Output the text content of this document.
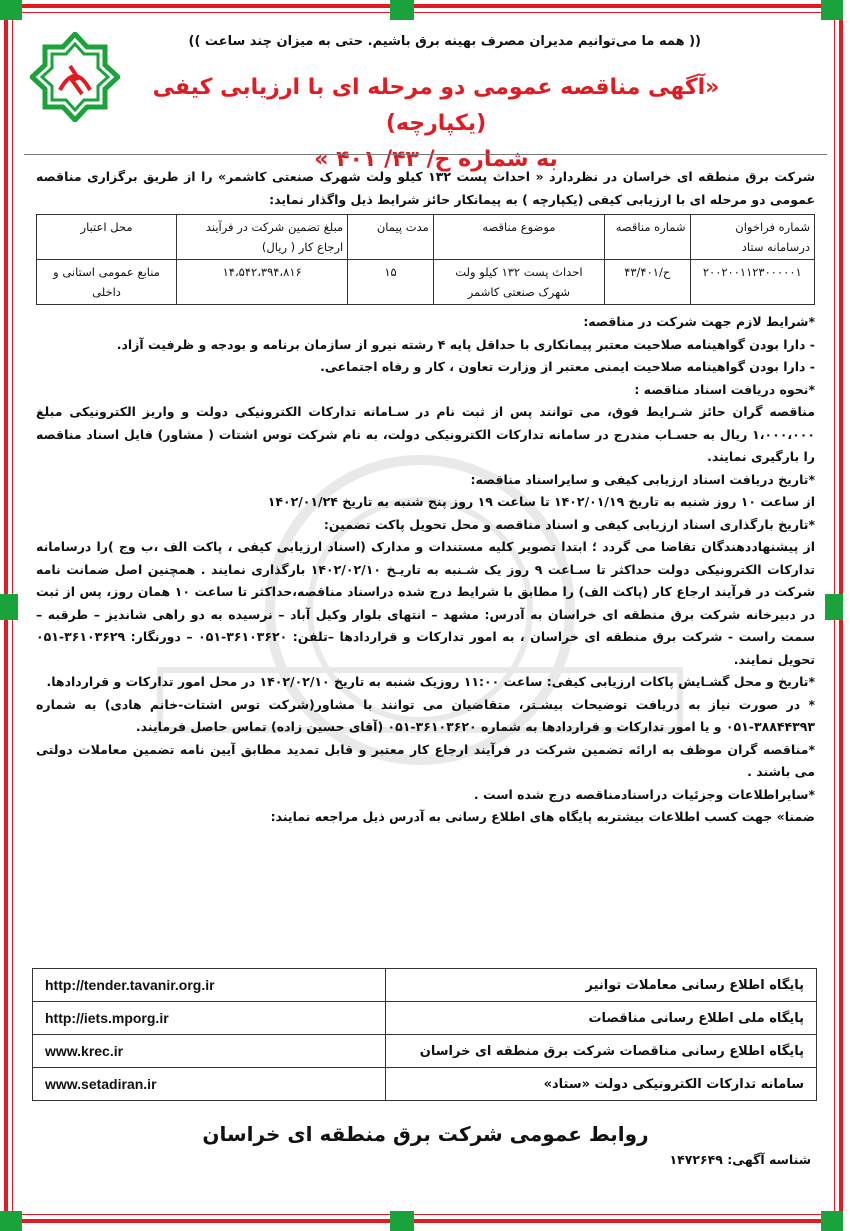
(( همه ما می‌توانیم مدیران مصرف بهینه برق باشیم. حتی به میزان چند ساعت ))
«آگهی مناقصه عمومی دو مرحله ای با ارزیابی کیفی (یکپارچه)
به شماره ح/ ۴۳/ ۴۰۱ »

شرکت برق منطقه ای خراسان در نظردارد « احداث پست ۱۳۲ کیلو ولت شهرک صنعتی کاشمر» را از طریق برگزاری مناقصه عمومی دو مرحله ای با ارزیابی کیفی (یکپارچه ) به پیمانکار حائز شرایط ذیل واگذار نماید:

شماره فراخوان درسامانه ستاد	شماره مناقصه	موضوع مناقصه	مدت پیمان	مبلغ تضمین شرکت در فرآیند ارجاع کار ( ریال)	محل اعتبار
۲۰۰۲۰۰۱۱۲۳۰۰۰۰۰۱	ح/۴۳/۴۰۱	احداث پست ۱۳۲ کیلو ولت شهرک صنعتی کاشمر	۱۵	۱۴،۵۴۲،۳۹۴،۸۱۶	منابع عمومی استانی و داخلی

*شرایط لازم جهت شرکت در مناقصه:

- دارا بودن گواهینامه صلاحیت معتبر پیمانکاری با حداقل پایه ۴ رشته نیرو از سازمان برنامه و بودجه و ظرفیت آزاد.

- دارا بودن گواهینامه صلاحیت ایمنی معتبر از وزارت تعاون ، کار و رفاه اجتماعی.

*نحوه دریافت اسناد مناقصه :

مناقصه گران حائز شـرایط فوق، می توانند پس از ثبت نام در سـامانه تدارکات الکترونیکی دولت و واریز الکترونیکی مبلغ ۱،۰۰۰،۰۰۰ ریال به حسـاب مندرج در سامانه تدارکات الکترونیکی دولت، به نام شرکت توس اشتات ( مشاور) فایل اسناد مناقصه را بارگیری نمایند.

*تاریخ دریافت اسناد ارزیابی کیفی و سایراسناد مناقصه:

از ساعت ۱۰ روز شنبه به تاریخ ۱۴۰۲/۰۱/۱۹ تا ساعت ۱۹ روز پنج شنبه به تاریخ ۱۴۰۲/۰۱/۲۴

*تاریخ بارگذاری اسناد ارزیابی کیفی و اسناد مناقصه و محل تحویل پاکت تضمین:

از پیشنهاددهندگان تقاضا می گردد ؛ ابتدا تصویر کلیه مستندات و مدارک (اسناد ارزیابی کیفی ، پاکت الف ،ب وج )را درسامانه تدارکات الکترونیکی دولت حداکثر تا سـاعت ۹ روز یک شـنبه به تاریـخ ۱۴۰۲/۰۲/۱۰ بارگذاری نمایند . همچنین اصل ضمانت نامه شرکت در فرآیند ارجاع کار (پاکت الف) را مطابق با شرایط درج شده دراسناد مناقصه،حداکثر تا ساعت ۱۰ همان روز، پس از ثبت در دبیرخانه شرکت برق منطقه ای خراسان به آدرس: مشهد – انتهای بلوار وکیل آباد – نرسیده به دو راهی شاندیز – طرقبه – سمت راست - شرکت برق منطقه ای خراسان ، به امور تدارکات و قراردادها –تلفن: ۳۶۱۰۳۶۲۰-۰۵۱ – دورنگار: ۳۶۱۰۳۶۲۹-۰۵۱ تحویل نمایند.

*تاریخ و محل گشـایش پاکات ارزیابی کیفی: ساعت ۱۱:۰۰ روزیک شنبه به تاریخ ۱۴۰۲/۰۲/۱۰ در محل امور تدارکات و قراردادها.

* در صورت نیاز به دریافت توضیحات بیشـتر، متقاضیان می توانند با مشاور(شرکت توس اشتات-خانم هادی) به شماره ۳۸۸۴۴۳۹۳-۰۵۱ و یا امور تدارکات و قراردادها به شماره ۳۶۱۰۳۶۲۰-۰۵۱ (آقای حسین زاده) تماس حاصل فرمایند.

*مناقصه گران موظف به ارائه تضمین شرکت در فرآیند ارجاع کار معتبر و قابل تمدید مطابق آیین نامه تضمین معاملات دولتی می باشند .

*سایراطلاعات وجزئیات دراسنادمناقصه درج شده است .

ضمنا» جهت کسب اطلاعات بیشتربه پایگاه های اطلاع رسانی به آدرس ذیل مراجعه نمایند:

پایگاه اطلاع رسانی معاملات توانیر	http://tender.tavanir.org.ir
پایگاه ملی اطلاع رسانی مناقصات	http://iets.mporg.ir
پایگاه اطلاع رسانی مناقصات شرکت برق منطقه ای خراسان	www.krec.ir
سامانه تدارکات الکترونیکی دولت «ستاد»	www.setadiran.ir
روابط عمومی شرکت برق منطقه ای خراسان
شناسه آگهی: ۱۴۷۲۶۴۹
